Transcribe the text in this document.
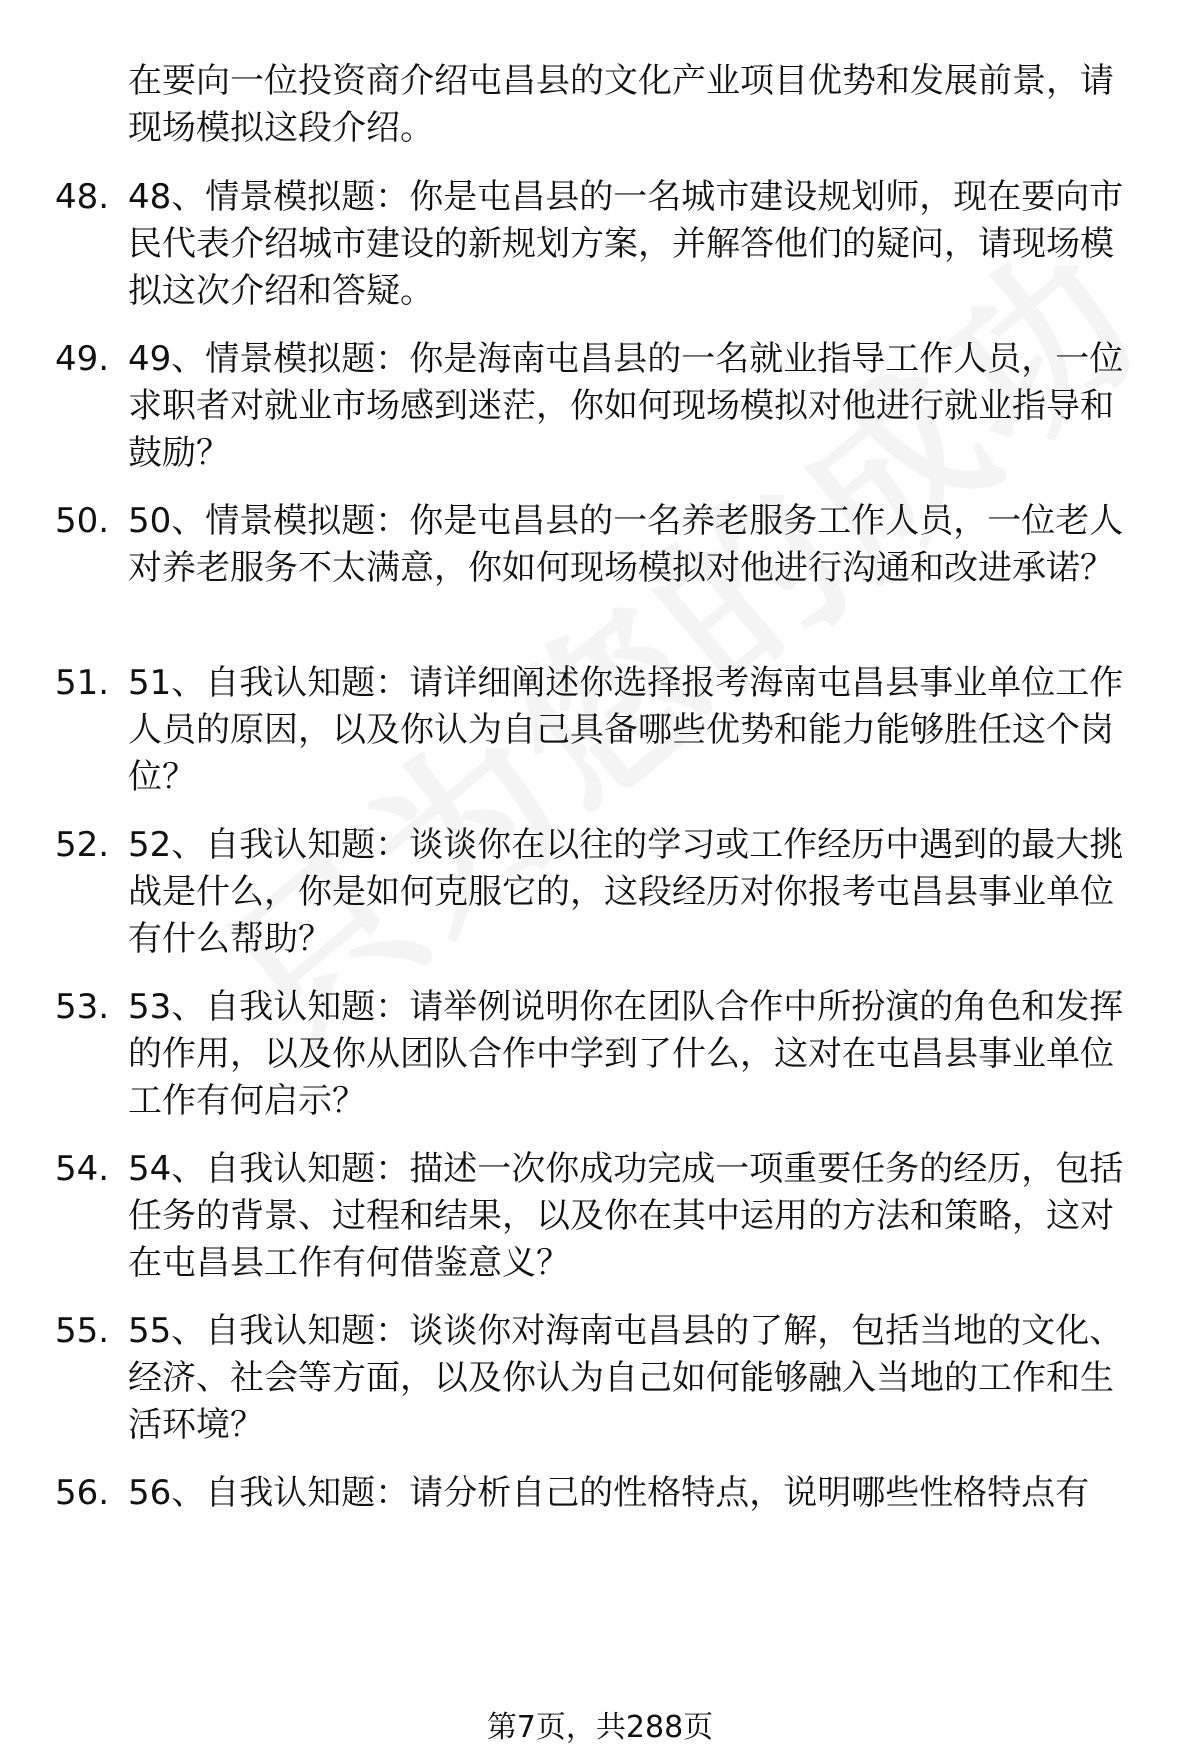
在要向一位投资商介绍屯昌县的文化产业项目优势和发展前景，请现场模拟这段介绍。
48. 48、情景模拟题：你是屯昌县的一名城市建设规划师，现在要向市民代表介绍城市建设的新规划方案，并解答他们的疑问，请现场模拟这次介绍和答疑。
49. 49、情景模拟题：你是海南屯昌县的一名就业指导工作人员，一位求职者对就业市场感到迷茫，你如何现场模拟对他进行就业指导和鼓励？
50. 50、情景模拟题：你是屯昌县的一名养老服务工作人员，一位老人对养老服务不太满意，你如何现场模拟对他进行沟通和改进承诺？
51. 51、自我认知题：请详细阐述你选择报考海南屯昌县事业单位工作人员的原因，以及你认为自己具备哪些优势和能力能够胜任这个岗位？
52. 52、自我认知题：谈谈你在以往的学习或工作经历中遇到的最大挑战是什么，你是如何克服它的，这段经历对你报考屯昌县事业单位有什么帮助？
53. 53、自我认知题：请举例说明你在团队合作中所扮演的角色和发挥的作用，以及你从团队合作中学到了什么，这对在屯昌县事业单位工作有何启示？
54. 54、自我认知题：描述一次你成功完成一项重要任务的经历，包括任务的背景、过程和结果，以及你在其中运用的方法和策略，这对在屯昌县工作有何借鉴意义？
55. 55、自我认知题：谈谈你对海南屯昌县的了解，包括当地的文化、经济、社会等方面，以及你认为自己如何能够融入当地的工作和生活环境？
56. 56、自我认知题：请分析自己的性格特点，说明哪些性格特点有
第7页，共288页
